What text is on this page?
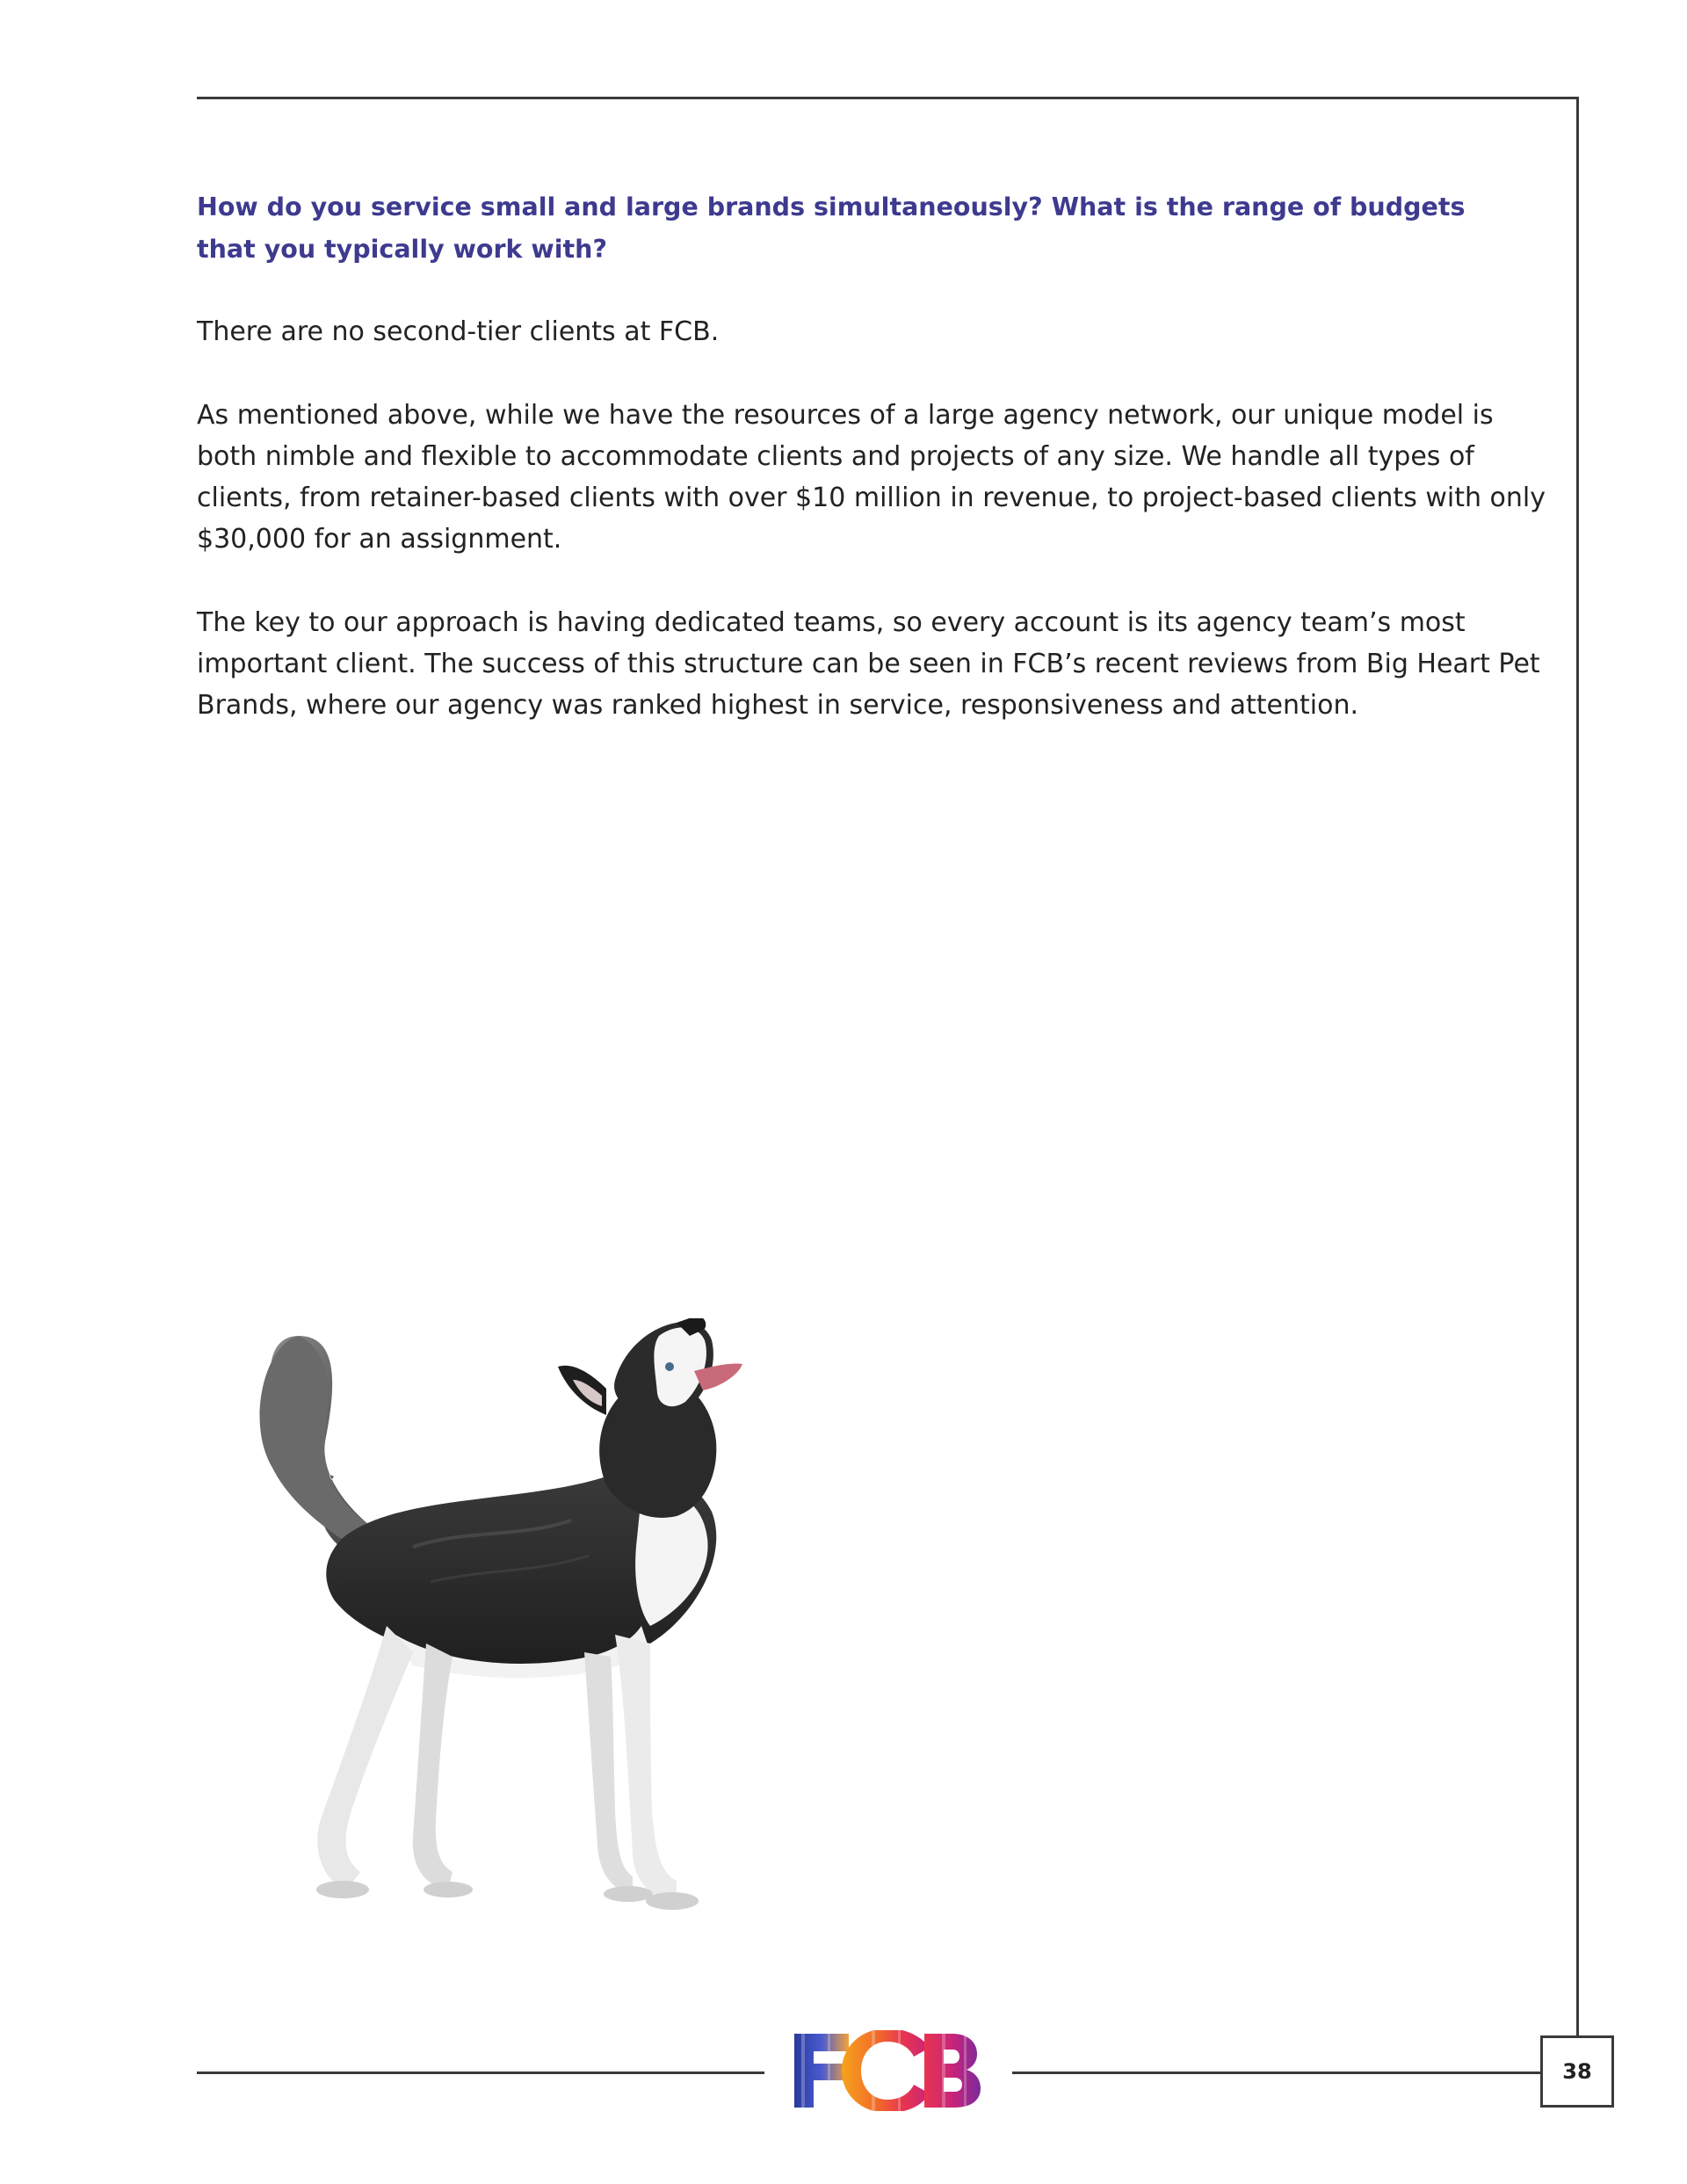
How do you service small and large brands simultaneously? What is the range of budgets that you typically work with?

There are no second-tier clients at FCB.

As mentioned above, while we have the resources of a large agency network, our unique model is both nimble and flexible to accommodate clients and projects of any size. We handle all types of clients, from retainer-based clients with over $10 million in revenue, to project-based clients with only $30,000 for an assignment.

The key to our approach is having dedicated teams, so every account is its agency team’s most important client. The success of this structure can be seen in FCB’s recent reviews from Big Heart Pet Brands, where our agency was ranked highest in service, responsiveness and attention.

38
